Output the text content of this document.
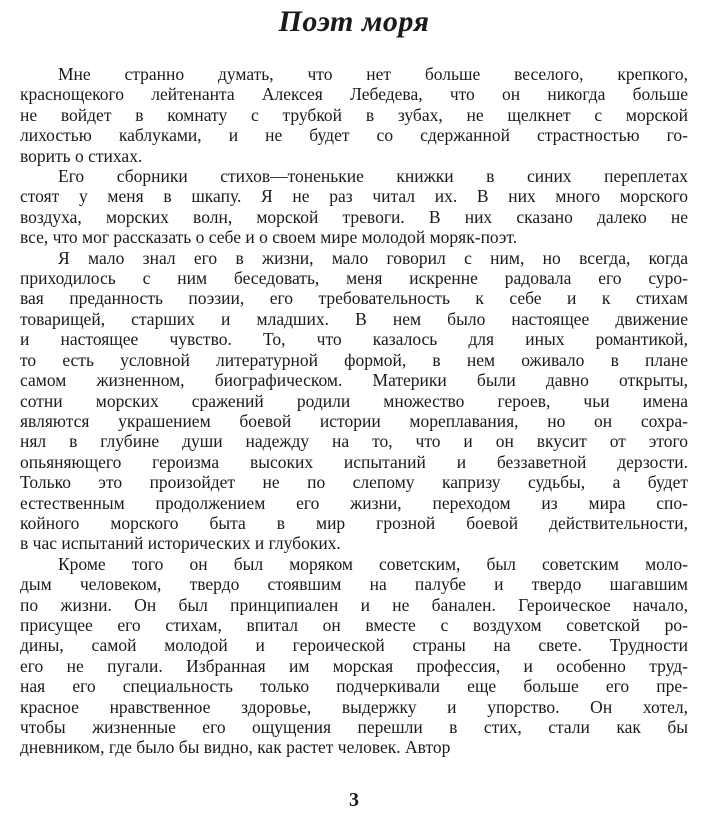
Поэт моря
Мне странно думать, что нет больше веселого, крепкого,
краснощекого лейтенанта Алексея Лебедева, что он никогда больше
не войдет в комнату с трубкой в зубах, не щелкнет с морской
лихостью каблуками, и не будет со сдержанной страстностью го-
ворить о стихах.
Его сборники стихов—тоненькие книжки в синих переплетах
стоят у меня в шкапу. Я не раз читал их. В них много морского
воздуха, морских волн, морской тревоги. В них сказано далеко не
все, что мог рассказать о себе и о своем мире молодой моряк-поэт.
Я мало знал его в жизни, мало говорил с ним, но всегда, когда
приходилось с ним беседовать, меня искренне радовала его суро-
вая преданность поэзии, его требовательность к себе и к стихам
товарищей, старших и младших. В нем было настоящее движение
и настоящее чувство. То, что казалось для иных романтикой,
то есть условной литературной формой, в нем оживало в плане
самом жизненном, биографическом. Материки были давно открыты,
сотни морских сражений родили множество героев, чьи имена
являются украшением боевой истории мореплавания, но он сохра-
нял в глубине души надежду на то, что и он вкусит от этого
опьяняющего героизма высоких испытаний и беззаветной дерзости.
Только это произойдет не по слепому капризу судьбы, а будет
естественным продолжением его жизни, переходом из мира спо-
койного морского быта в мир грозной боевой действительности,
в час испытаний исторических и глубоких.
Кроме того он был моряком советским, был советским моло-
дым человеком, твердо стоявшим на палубе и твердо шагавшим
по жизни. Он был принципиален и не банален. Героическое начало,
присущее его стихам, впитал он вместе с воздухом советской ро-
дины, самой молодой и героической страны на свете. Трудности
его не пугали. Избранная им морская профессия, и особенно труд-
ная его специальность только подчеркивали еще больше его пре-
красное нравственное здоровье, выдержку и упорство. Он хотел,
чтобы жизненные его ощущения перешли в стих, стали как бы
дневником, где было бы видно, как растет человек. Автор
3
